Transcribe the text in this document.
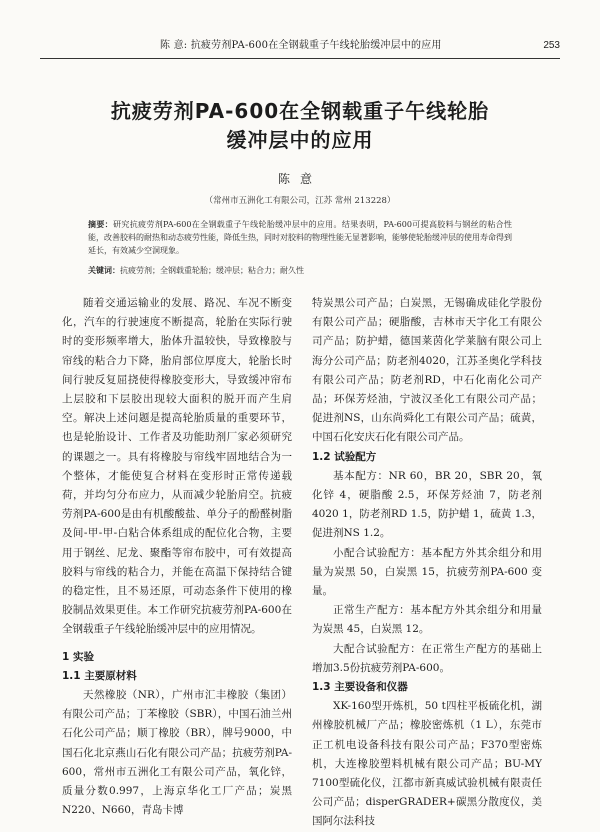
陈 意: 抗疲劳剂PA-600在全钢载重子午线轮胎缓冲层中的应用	253
抗疲劳剂PA-600在全钢载重子午线轮胎
缓冲层中的应用
陈意
（常州市五洲化工有限公司，江苏 常州 213228）
摘要：研究抗疲劳剂PA-600在全钢载重子午线轮胎缓冲层中的应用。结果表明，PA-600可提高胶料与钢丝的粘合性能，改善胶料的耐热和动态疲劳性能，降低生热，同时对胶料的物理性能无显著影响，能够使轮胎缓冲层的使用寿命得到延长，有效减少空洞现象。
关键词：抗疲劳剂；全钢载重轮胎；缓冲层；粘合力；耐久性

随着交通运输业的发展、路况、车况不断变化，汽车的行驶速度不断提高，轮胎在实际行驶时的变形频率增大，胎体升温较快，导致橡胶与帘线的粘合力下降，胎肩部位厚度大，轮胎长时间行驶反复屈挠使得橡胶变形大，导致缓冲帘布上层胶和下层胶出现较大面积的脱开而产生肩空。解决上述问题是提高轮胎质量的重要环节，也是轮胎设计、工作者及功能助剂厂家必须研究的课题之一。具有将橡胶与帘线牢固地结合为一个整体，才能使复合材料在变形时正常传递载荷，并均匀分布应力，从而减少轮胎肩空。抗疲劳剂PA-600是由有机酸酸盐、单分子的酚醛树脂及间-甲-甲-白粘合体系组成的配位化合物，主要用于钢丝、尼龙、聚酯等帘布胶中，可有效提高胶料与帘线的粘合力，并能在高温下保持结合键的稳定性，且不易还原，可动态条件下使用的橡胶制品效果更佳。本工作研究抗疲劳剂PA-600在全钢载重子午线轮胎缓冲层中的应用情况。

1 实验

1.1 主要原材料

天然橡胶（NR），广州市汇丰橡胶（集团）有限公司产品；丁苯橡胶（SBR），中国石油兰州石化公司产品；顺丁橡胶（BR），牌号9000，中国石化北京燕山石化有限公司产品；抗疲劳剂PA-600，常州市五洲化工有限公司产品，氧化锌，质量分数0.997，上海京华化工厂产品；炭黑N220、N660，青岛卡博

特炭黑公司产品；白炭黑，无锡确成硅化学股份有限公司产品；硬脂酸，吉林市天宇化工有限公司产品；防护蜡，德国莱茵化学莱脑有限公司上海分公司产品；防老剂4020，江苏圣奥化学科技有限公司产品；防老剂RD，中石化南化公司产品；环保芳烃油，宁波汉圣化工有限公司产品；促进剂NS，山东尚舜化工有限公司产品；硫黄，中国石化安庆石化有限公司产品。

1.2 试验配方

基本配方：NR 60，BR 20，SBR 20，氧化锌 4，硬脂酸 2.5，环保芳烃油 7，防老剂4020 1，防老剂RD 1.5，防护蜡 1，硫黄 1.3，促进剂NS 1.2。

小配合试验配方：基本配方外其余组分和用量为炭黑 50，白炭黑 15，抗疲劳剂PA-600 变量。

正常生产配方：基本配方外其余组分和用量为炭黑 45，白炭黑 12。

大配合试验配方：在正常生产配方的基础上增加3.5份抗疲劳剂PA-600。

1.3 主要设备和仪器

XK-160型开炼机，50 t四柱平板硫化机，湖州橡胶机械厂产品；橡胶密炼机（1 L），东莞市正工机电设备科技有限公司产品；F370型密炼机，大连橡胶塑料机械有限公司产品；BU-MY 7100型硫化仪，江都市新真威试验机械有限责任公司产品；disperGRADER+碳黑分散度仪，美国阿尔法科技
